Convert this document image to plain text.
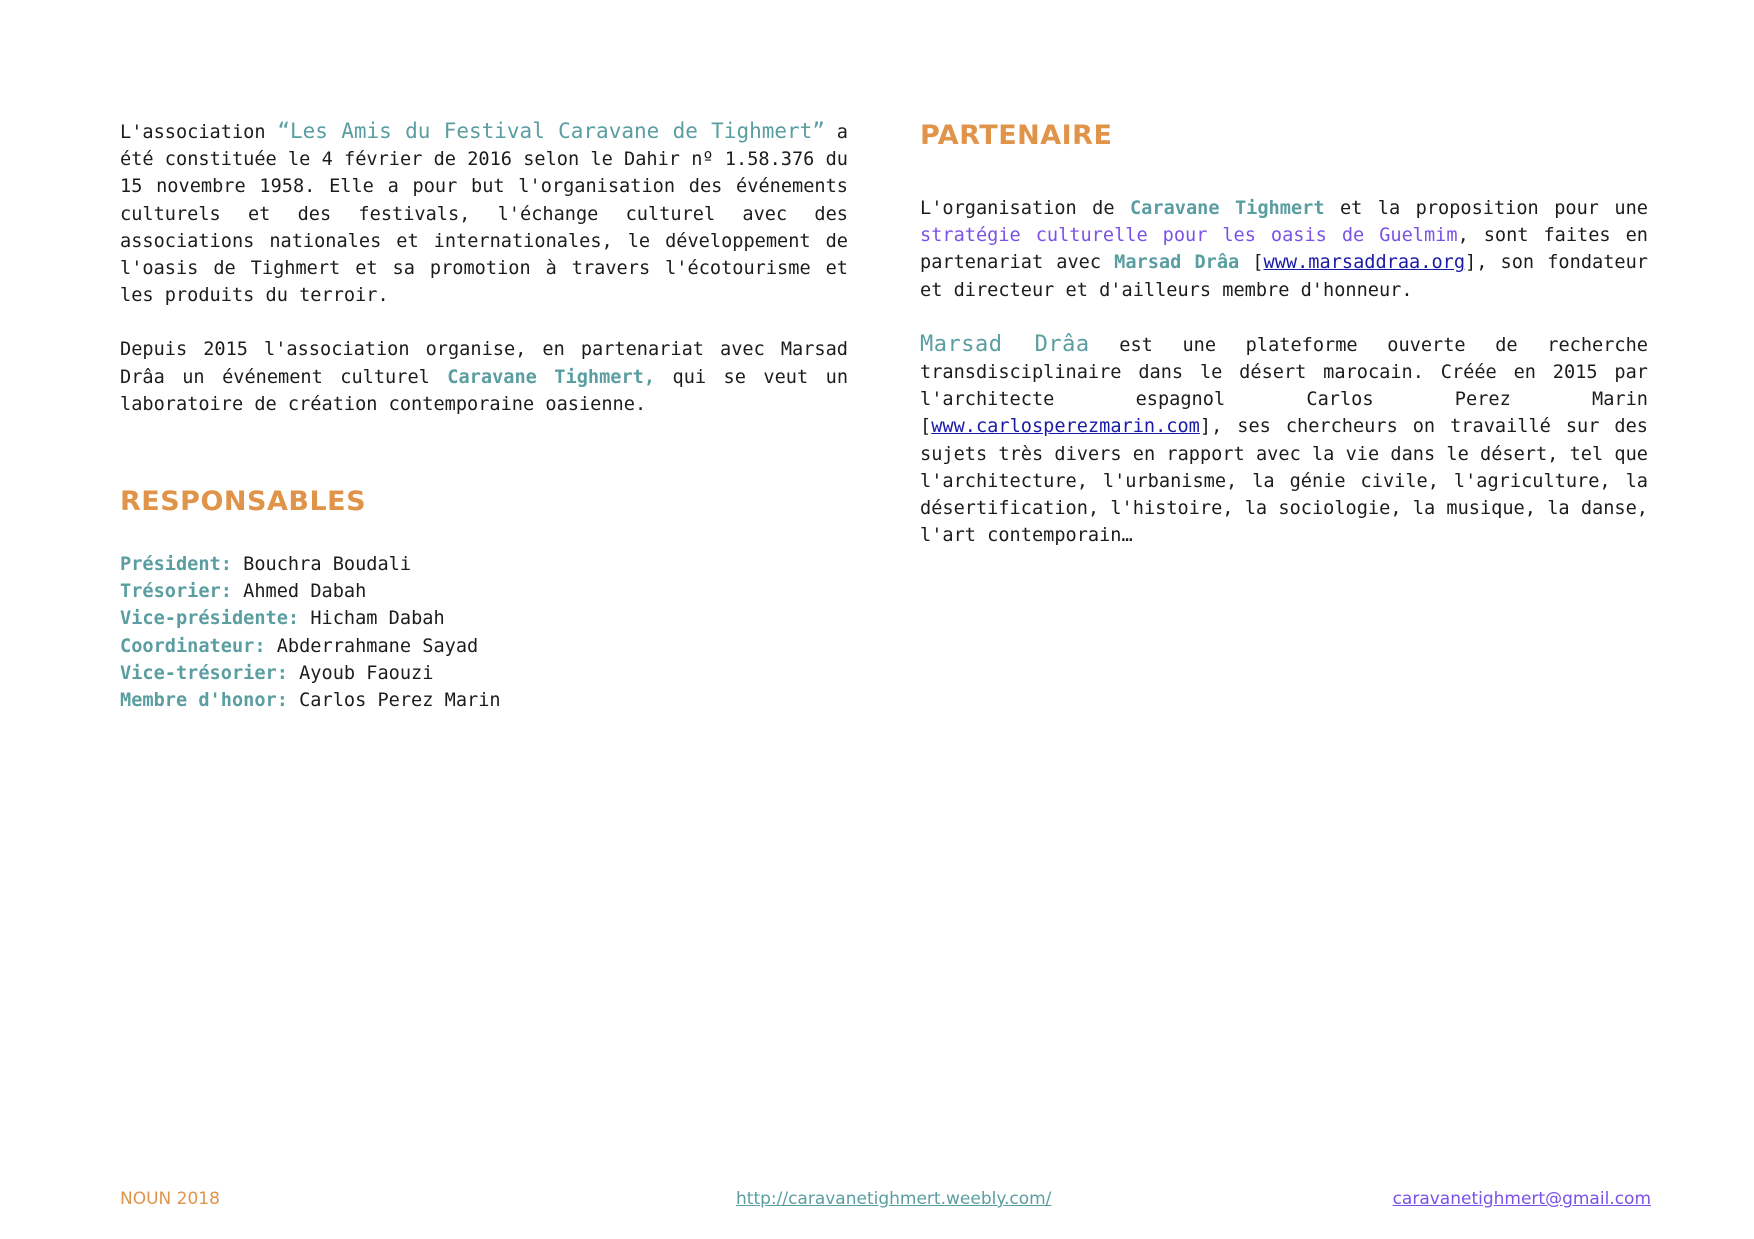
L'association “Les Amis du Festival Caravane de Tighmert” a été constituée le 4 février de 2016 selon le Dahir nº 1.58.376 du 15 novembre 1958. Elle a pour but l'organisation des événements culturels et des festivals, l'échange culturel avec des associations nationales et internationales, le développement de l'oasis de Tighmert et sa promotion à travers l'écotourisme et les produits du terroir.

Depuis 2015 l'association organise, en partenariat avec Marsad Drâa un événement culturel Caravane Tighmert, qui se veut un laboratoire de création contemporaine oasienne.

RESPONSABLES
Président: Bouchra Boudali
Trésorier: Ahmed Dabah
Vice-présidente: Hicham Dabah
Coordinateur: Abderrahmane Sayad
Vice-trésorier: Ayoub Faouzi
Membre d'honor: Carlos Perez Marin
PARTENAIRE

L'organisation de Caravane Tighmert et la proposition pour une stratégie culturelle pour les oasis de Guelmim, sont faites en partenariat avec Marsad Drâa [www.marsaddraa.org], son fondateur et directeur et d'ailleurs membre d'honneur.

Marsad Drâa est une plateforme ouverte de recherche transdisciplinaire dans le désert marocain. Créée en 2015 par l'architecte espagnol Carlos Perez Marin [www.carlosperezmarin.com], ses chercheurs on travaillé sur des sujets très divers en rapport avec la vie dans le désert, tel que l'architecture, l'urbanisme, la génie civile, l'agriculture, la désertification, l'histoire, la sociologie, la musique, la danse, l'art contemporain…

NOUN 2018	http://caravanetighmert.weebly.com/	caravanetighmert@gmail.com
